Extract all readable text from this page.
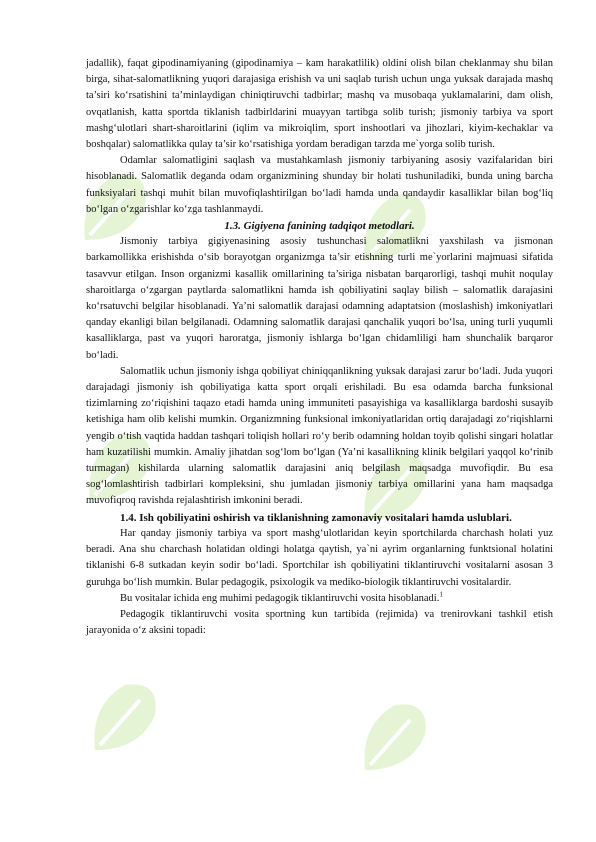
jadallik), faqat gipodinamiyaning (gipodinamiya – kam harakatlilik) oldini olish bilan cheklanmay shu bilan birga, sihat-salomatlikning yuqori darajasiga erishish va uni saqlab turish uchun unga yuksak darajada mashq ta’siri ko‘rsatishini ta’minlaydigan chiniqtiruvchi tadbirlar; mashq va musobaqa yuklamalarini, dam olish, ovqatlanish, katta sportda tiklanish tadbirldarini muayyan tartibga solib turish; jismoniy tarbiya va sport mashg‘ulotlari shart-sharoitlarini (iqlim va mikroiqlim, sport inshootlari va jihozlari, kiyim-kechaklar va boshqalar) salomatlikka qulay ta’sir ko‘rsatishiga yordam beradigan tarzda me`yorga solib turish.

Odamlar salomatligini saqlash va mustahkamlash jismoniy tarbiyaning asosiy vazifalaridan biri hisoblanadi. Salomatlik deganda odam organizmining shunday bir holati tushuniladiki, bunda uning barcha funksiyalari tashqi muhit bilan muvofiqlashtirilgan bo‘ladi hamda unda qandaydir kasalliklar bilan bog‘liq bo‘lgan o‘zgarishlar ko‘zga tashlanmaydi.

1.3. Gigiyena fanining tadqiqot metodlari.

Jismoniy tarbiya gigiyenasining asosiy tushunchasi salomatlikni yaxshilash va jismonan barkamollikka erishishda o‘sib borayotgan organizmga ta’sir etishning turli me`yorlarini majmuasi sifatida tasavvur etilgan. Inson organizmi kasallik omillarining ta’siriga nisbatan barqarorligi, tashqi muhit noqulay sharoitlarga o‘zgargan paytlarda salomatlikni hamda ish qobiliyatini saqlay bilish – salomatlik darajasini ko‘rsatuvchi belgilar hisoblanadi. Ya’ni salomatlik darajasi odamning adaptatsion (moslashish) imkoniyatlari qanday ekanligi bilan belgilanadi. Odamning salomatlik darajasi qanchalik yuqori bo‘lsa, uning turli yuqumli kasalliklarga, past va yuqori haroratga, jismoniy ishlarga bo‘lgan chidamliligi ham shunchalik barqaror bo‘ladi.

Salomatlik uchun jismoniy ishga qobiliyat chiniqqanlikning yuksak darajasi zarur bo‘ladi. Juda yuqori darajadagi jismoniy ish qobiliyatiga katta sport orqali erishiladi. Bu esa odamda barcha funksional tizimlarning zo‘riqishini taqazo etadi hamda uning immuniteti pasayishiga va kasalliklarga bardoshi susayib ketishiga ham olib kelishi mumkin. Organizmning funksional imkoniyatlaridan ortiq darajadagi zo‘riqishlarni yengib o‘tish vaqtida haddan tashqari toliqish hollari ro‘y berib odamning holdan toyib qolishi singari holatlar ham kuzatilishi mumkin. Amaliy jihatdan sog‘lom bo‘lgan (Ya’ni kasallikning klinik belgilari yaqqol ko‘rinib turmagan) kishilarda ularning salomatlik darajasini aniq belgilash maqsadga muvofiqdir. Bu esa sog‘lomlashtirish tadbirlari kompleksini, shu jumladan jismoniy tarbiya omillarini yana ham maqsadga muvofiqroq ravishda rejalashtirish imkonini beradi.

1.4. Ish qobiliyatini oshirish va tiklanishning zamonaviy vositalari hamda uslublari.

Har qanday jismoniy tarbiya va sport mashg‘ulotlaridan keyin sportchilarda charchash holati yuz beradi. Ana shu charchash holatidan oldingi holatga qaytish, ya`ni ayrim organlarning funktsional holatini tiklanishi 6-8 sutkadan keyin sodir bo‘ladi. Sportchilar ish qobiliyatini tiklantiruvchi vositalarni asosan 3 guruhga bo‘lish mumkin. Bular pedagogik, psixologik va mediko-biologik tiklantiruvchi vositalardir.

Bu vositalar ichida eng muhimi pedagogik tiklantiruvchi vosita hisoblanadi.$^1$

Pedagogik tiklantiruvchi vosita sportning kun tartibida (rejimida) va trenirovkani tashkil etish jarayonida o‘z aksini topadi:
